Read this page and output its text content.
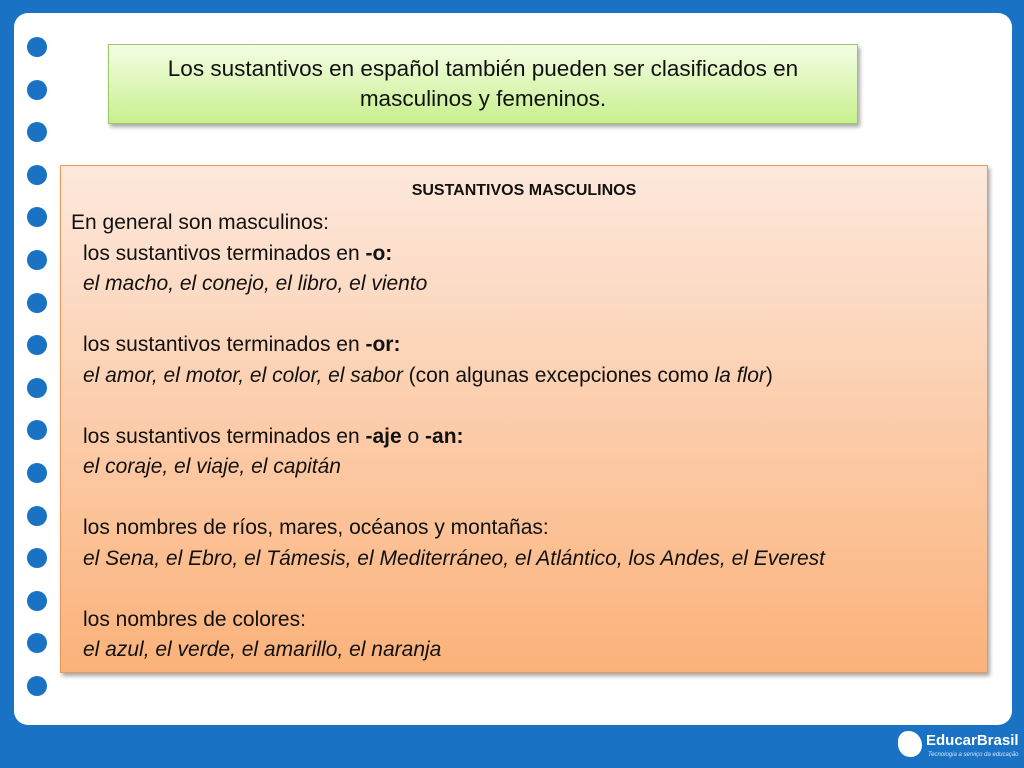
Los sustantivos en español también pueden ser clasificados en masculinos y femeninos.
SUSTANTIVOS MASCULINOS
En general son masculinos:
los sustantivos terminados en -o:
el macho, el conejo, el libro, el viento
los sustantivos terminados en -or:
el amor, el motor, el color, el sabor (con algunas excepciones como la flor)
los sustantivos terminados en -aje o -an:
el coraje, el viaje, el capitán
los nombres de ríos, mares, océanos y montañas:
el Sena, el Ebro, el Támesis, el Mediterráneo, el Atlántico, los Andes, el Everest
los nombres de colores:
el azul, el verde, el amarillo, el naranja
EducarBrasil
Tecnologia a serviço da educação
